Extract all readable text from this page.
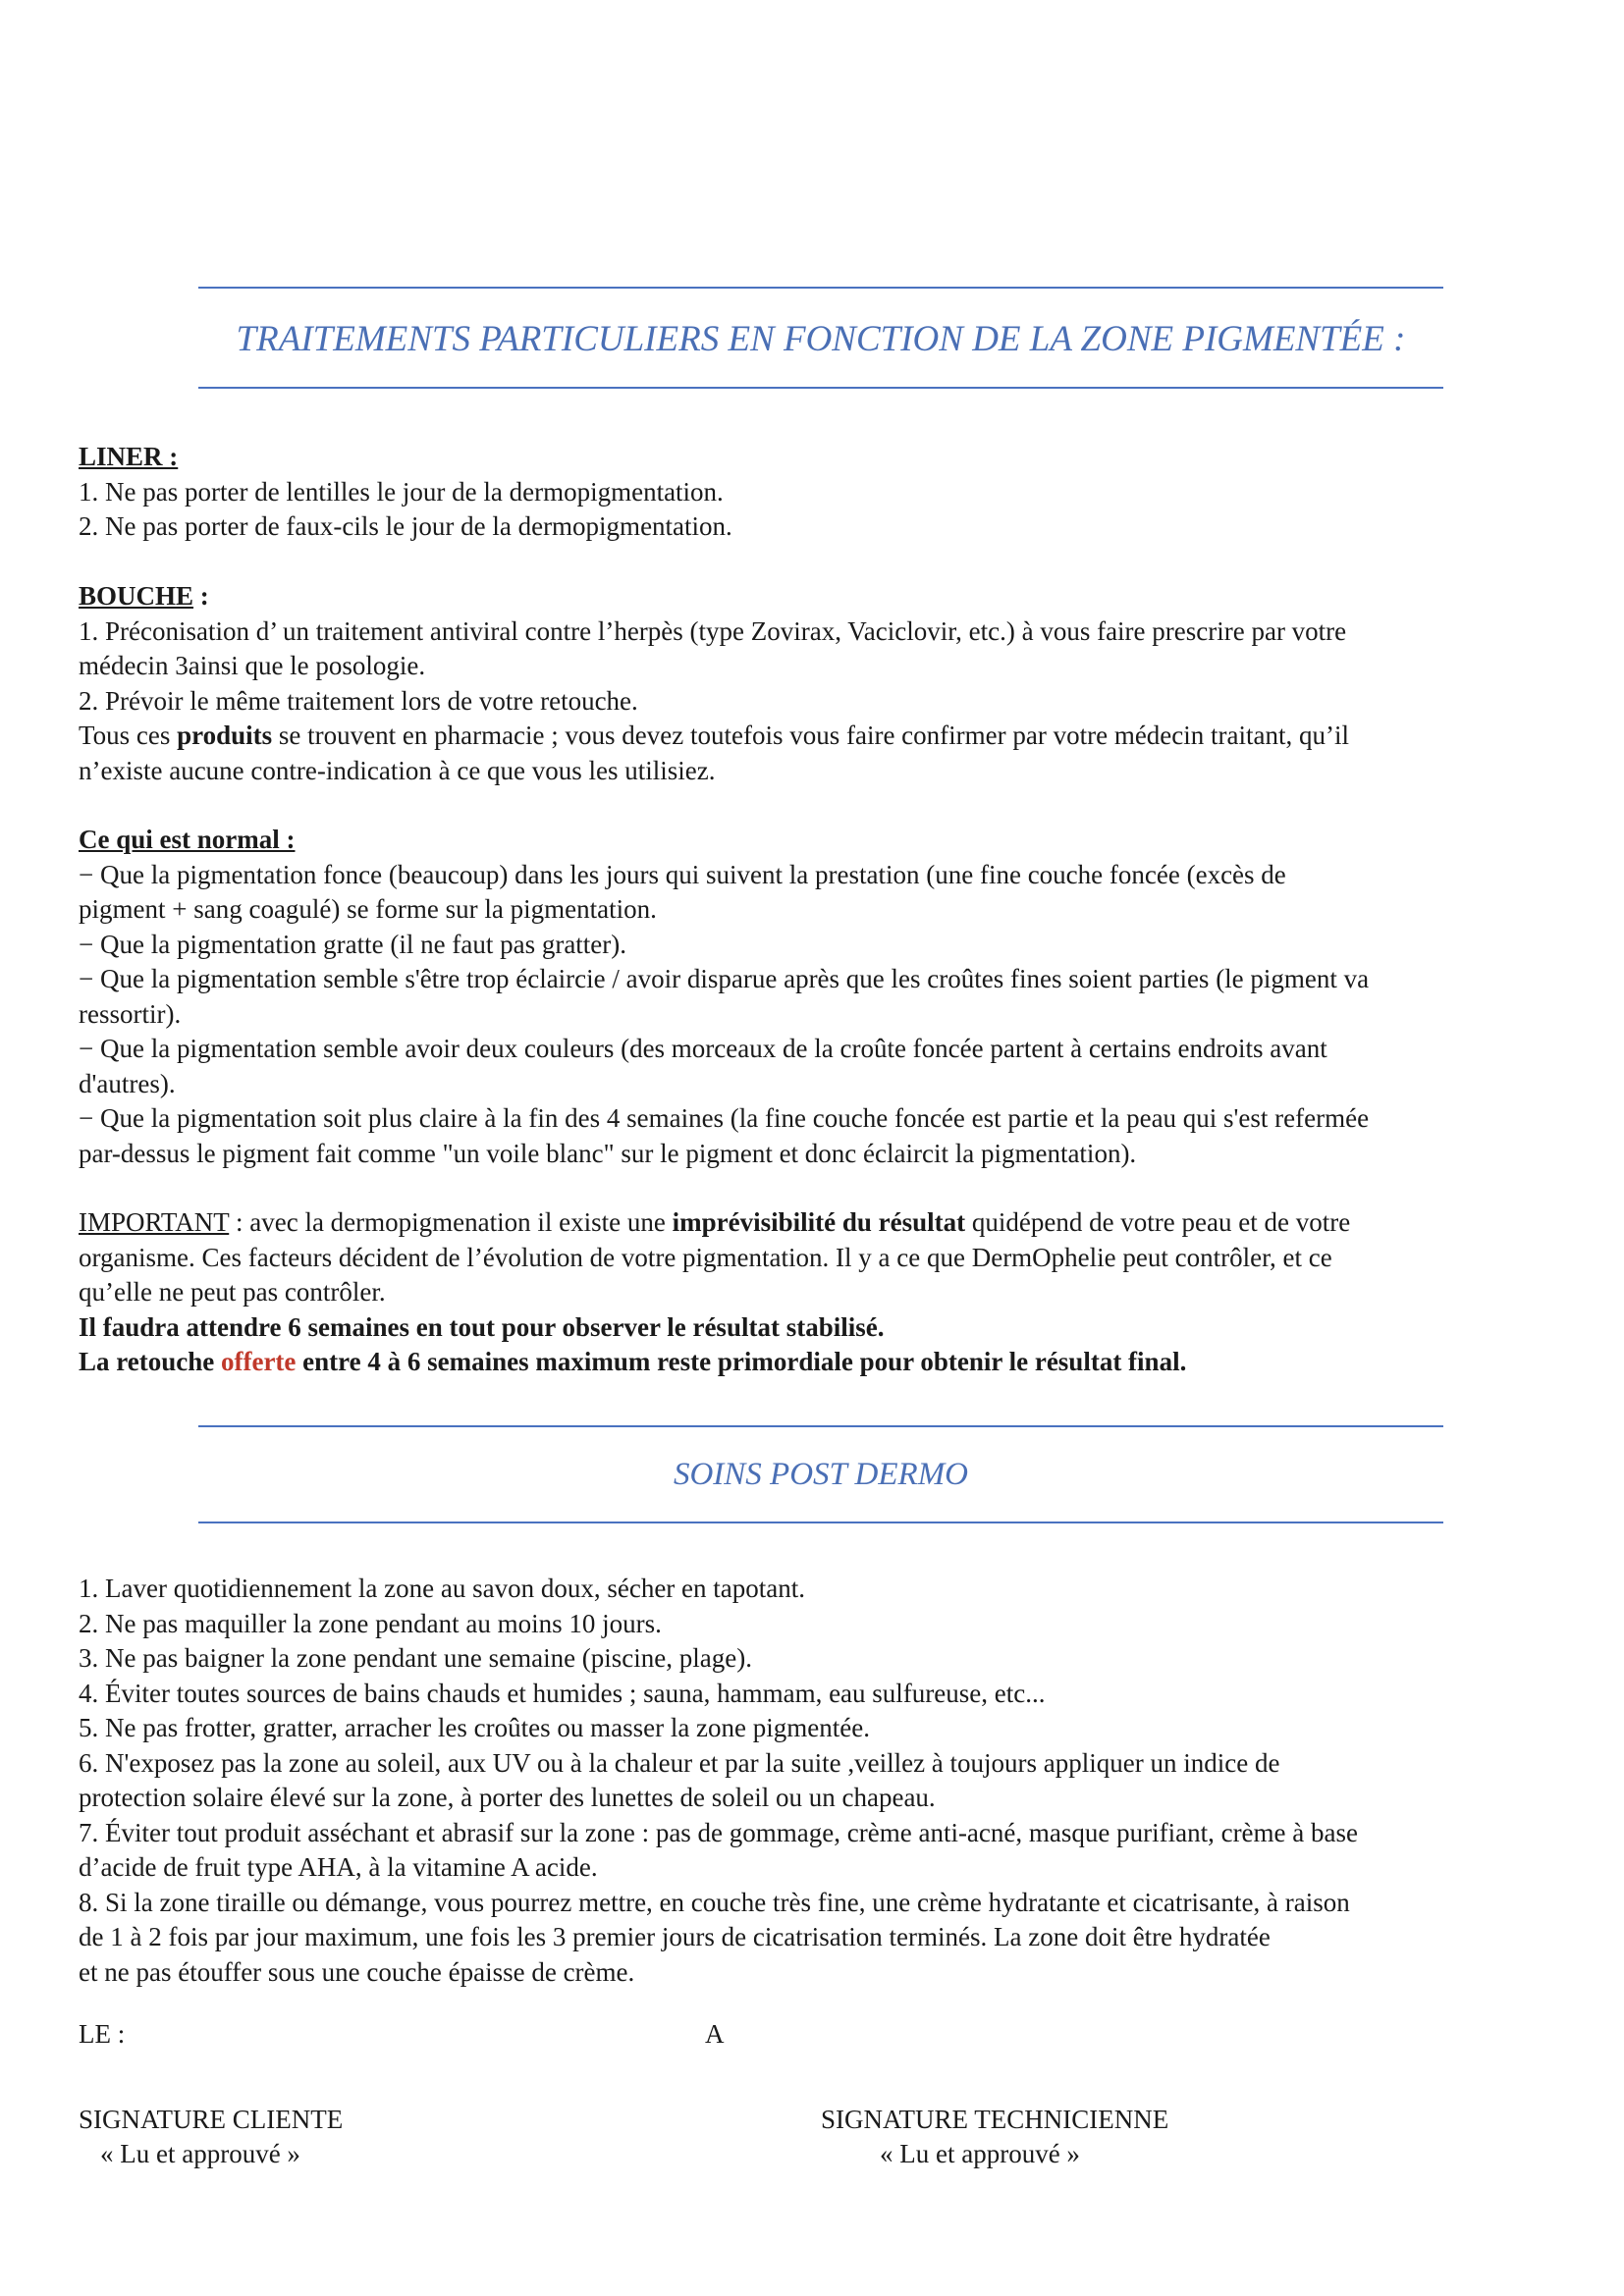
TRAITEMENTS PARTICULIERS EN FONCTION DE LA ZONE PIGMENTÉE :

LINER :

1. Ne pas porter de lentilles le jour de la dermopigmentation.

2. Ne pas porter de faux-cils le jour de la dermopigmentation.

BOUCHE :

1. Préconisation d’ un traitement antiviral contre l’herpès (type Zovirax, Vaciclovir, etc.) à vous faire prescrire par votre

médecin 3ainsi que le posologie.

2. Prévoir le même traitement lors de votre retouche.

Tous ces produits se trouvent en pharmacie ; vous devez toutefois vous faire confirmer par votre médecin traitant, qu’il

n’existe aucune contre-indication à ce que vous les utilisiez.

Ce qui est normal :

− Que la pigmentation fonce (beaucoup) dans les jours qui suivent la prestation (une fine couche foncée (excès de

pigment + sang coagulé) se forme sur la pigmentation.

− Que la pigmentation gratte (il ne faut pas gratter).

− Que la pigmentation semble s'être trop éclaircie / avoir disparue après que les croûtes fines soient parties (le pigment va

ressortir).

− Que la pigmentation semble avoir deux couleurs (des morceaux de la croûte foncée partent à certains endroits avant

d'autres).

− Que la pigmentation soit plus claire à la fin des 4 semaines (la fine couche foncée est partie et la peau qui s'est refermée

par-dessus le pigment fait comme "un voile blanc" sur le pigment et donc éclaircit la pigmentation).

IMPORTANT : avec la dermopigmenation il existe une imprévisibilité du résultat quidépend de votre peau et de votre

organisme. Ces facteurs décident de l’évolution de votre pigmentation. Il y a ce que DermOphelie peut contrôler, et ce

qu’elle ne peut pas contrôler.

Il faudra attendre 6 semaines en tout pour observer le résultat stabilisé.

La retouche offerte entre 4 à 6 semaines maximum reste primordiale pour obtenir le résultat final.

SOINS POST DERMO

1. Laver quotidiennement la zone au savon doux, sécher en tapotant.

2. Ne pas maquiller la zone pendant au moins 10 jours.

3. Ne pas baigner la zone pendant une semaine (piscine, plage).

4. Éviter toutes sources de bains chauds et humides ; sauna, hammam, eau sulfureuse, etc...

5. Ne pas frotter, gratter, arracher les croûtes ou masser la zone pigmentée.

6. N'exposez pas la zone au soleil, aux UV ou à la chaleur et par la suite ,veillez à toujours appliquer un indice de

protection solaire élevé sur la zone, à porter des lunettes de soleil ou un chapeau.

7. Éviter tout produit asséchant et abrasif sur la zone : pas de gommage, crème anti-acné, masque purifiant, crème à base

d’acide de fruit type AHA, à la vitamine A acide.

8. Si la zone tiraille ou démange, vous pourrez mettre, en couche très fine, une crème hydratante et cicatrisante, à raison

de 1 à 2 fois par jour maximum, une fois les 3 premier jours de cicatrisation terminés. La zone doit être hydratée

et ne pas étouffer sous une couche épaisse de crème.

LE :	A
SIGNATURE CLIENTE
« Lu et approuvé »
SIGNATURE TECHNICIENNE
« Lu et approuvé »
